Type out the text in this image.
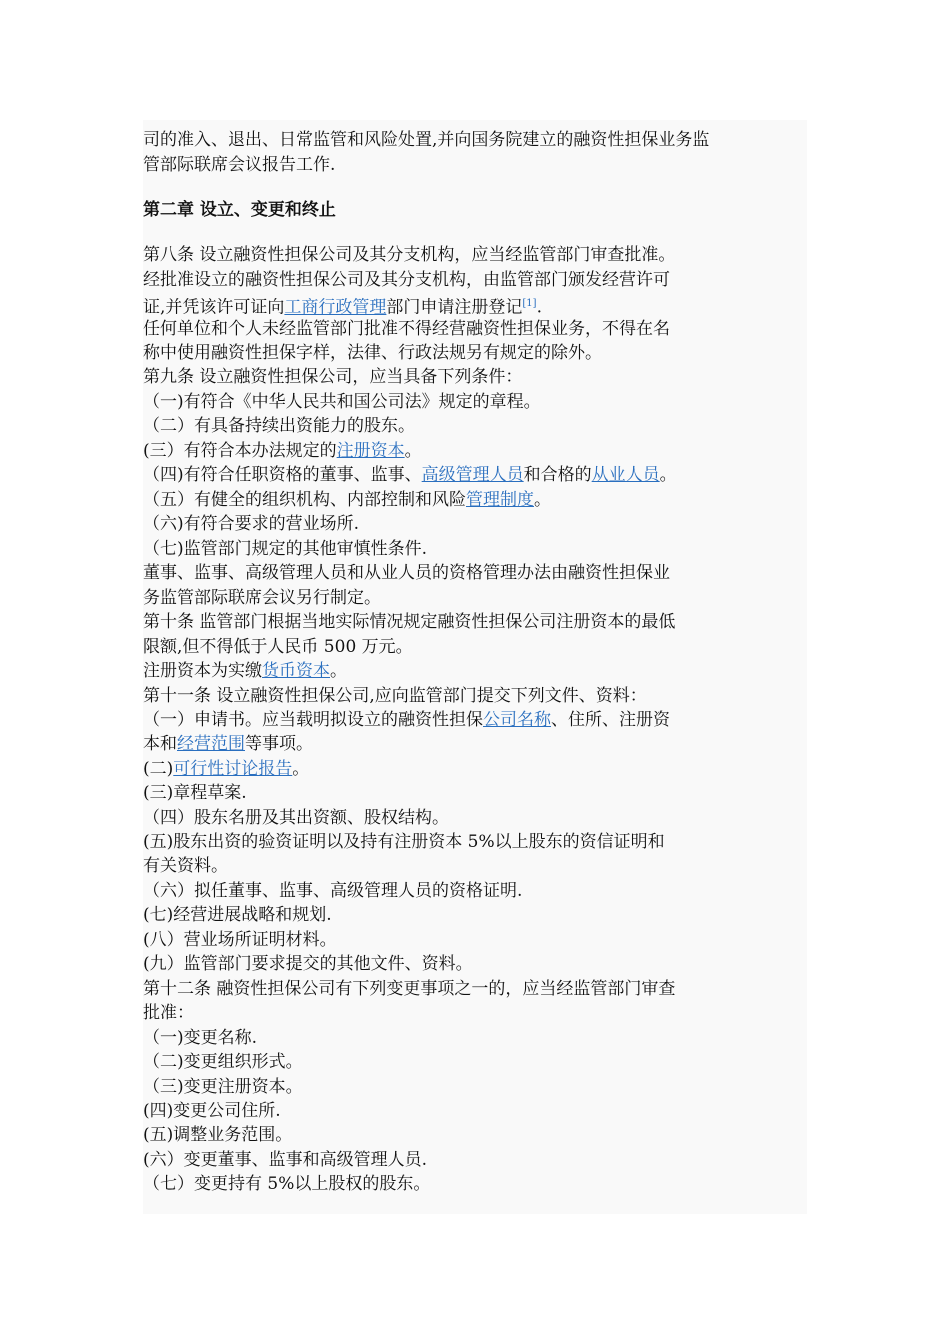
司的准入、退出、日常监管和风险处置,并向国务院建立的融资性担保业务监
管部际联席会议报告工作.
第二章 设立、变更和终止
第八条 设立融资性担保公司及其分支机构，应当经监管部门审查批准。
经批准设立的融资性担保公司及其分支机构，由监管部门颁发经营许可
证,并凭该许可证向工商行政管理部门申请注册登记[1].
任何单位和个人未经监管部门批准不得经营融资性担保业务，不得在名
称中使用融资性担保字样，法律、行政法规另有规定的除外。
第九条 设立融资性担保公司，应当具备下列条件：
（一)有符合《中华人民共和国公司法》规定的章程。
（二）有具备持续出资能力的股东。
(三）有符合本办法规定的注册资本。
（四)有符合任职资格的董事、监事、高级管理人员和合格的从业人员。
（五）有健全的组织机构、内部控制和风险管理制度。
（六)有符合要求的营业场所.
（七)监管部门规定的其他审慎性条件.
董事、监事、高级管理人员和从业人员的资格管理办法由融资性担保业
务监管部际联席会议另行制定。
第十条 监管部门根据当地实际情况规定融资性担保公司注册资本的最低
限额,但不得低于人民币 500 万元。
注册资本为实缴货币资本。
第十一条 设立融资性担保公司,应向监管部门提交下列文件、资料：
（一）申请书。应当载明拟设立的融资性担保公司名称、住所、注册资
本和经营范围等事项。
(二)可行性讨论报告。
(三)章程草案.
（四）股东名册及其出资额、股权结构。
(五)股东出资的验资证明以及持有注册资本 5%以上股东的资信证明和
有关资料。
（六）拟任董事、监事、高级管理人员的资格证明.
(七)经营进展战略和规划.
(八）营业场所证明材料。
(九）监管部门要求提交的其他文件、资料。
第十二条 融资性担保公司有下列变更事项之一的，应当经监管部门审查
批准：
（一)变更名称.
（二)变更组织形式。
（三)变更注册资本。
(四)变更公司住所.
(五)调整业务范围。
(六）变更董事、监事和高级管理人员.
（七）变更持有 5%以上股权的股东。
